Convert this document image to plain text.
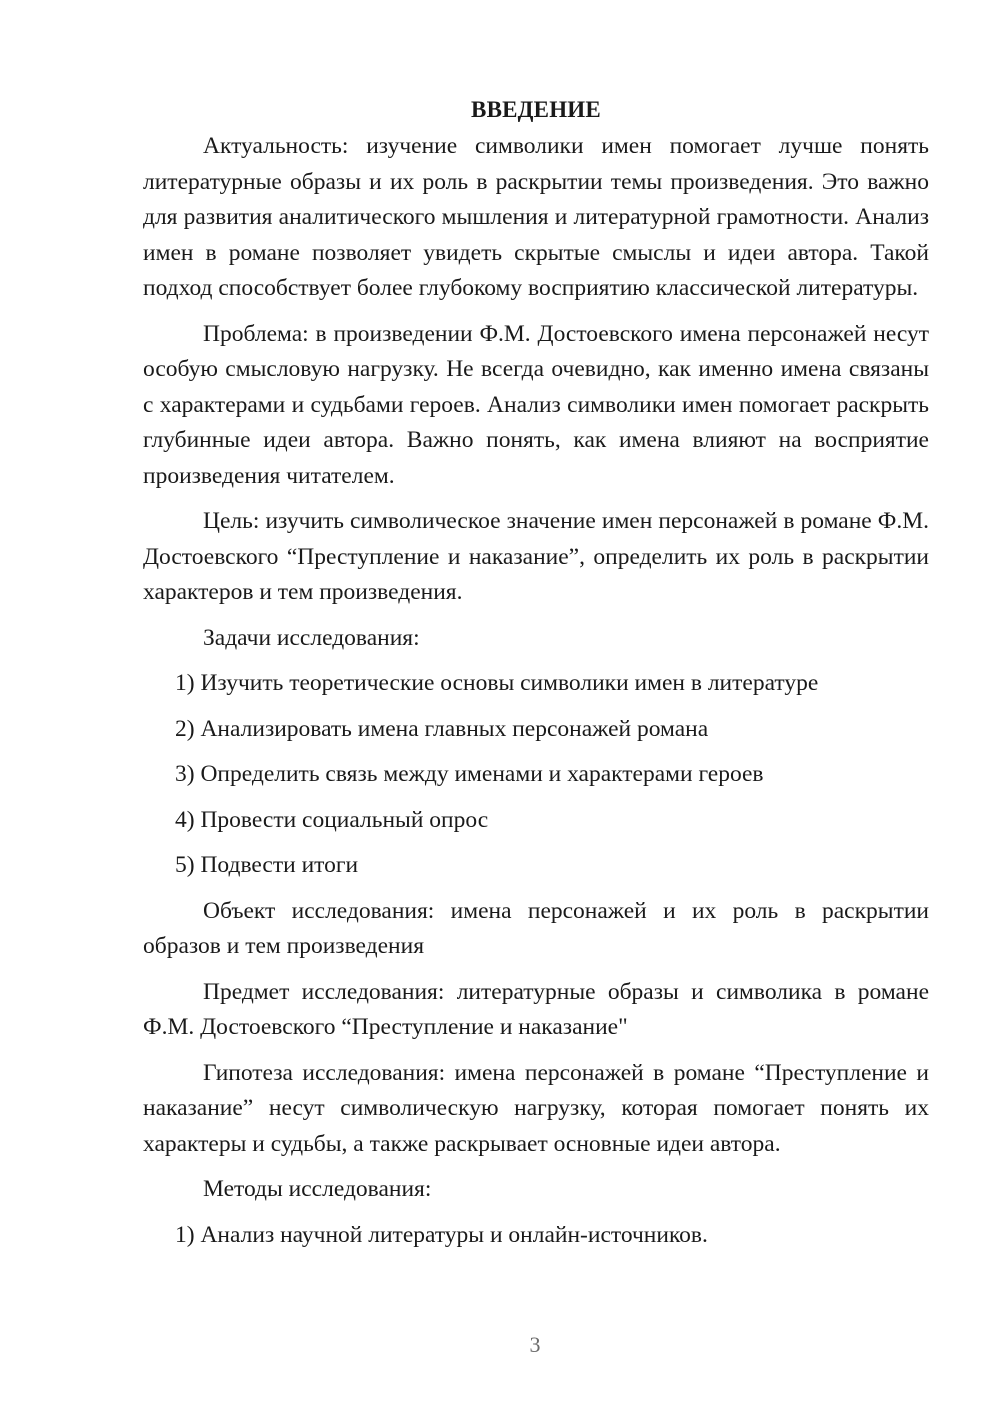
ВВЕДЕНИЕ

Актуальность: изучение символики имен помогает лучше понять литературные образы и их роль в раскрытии темы произведения. Это важно для развития аналитического мышления и литературной грамотности. Анализ имен в романе позволяет увидеть скрытые смыслы и идеи автора. Такой подход способствует более глубокому восприятию классической литературы.

Проблема: в произведении Ф.М. Достоевского имена персонажей несут особую смысловую нагрузку. Не всегда очевидно, как именно имена связаны с характерами и судьбами героев. Анализ символики имен помогает раскрыть глубинные идеи автора. Важно понять, как имена влияют на восприятие произведения читателем.

Цель: изучить символическое значение имен персонажей в романе Ф.М. Достоевского “Преступление и наказание”, определить их роль в раскрытии характеров и тем произведения.

Задачи исследования:

1) Изучить теоретические основы символики имен в литературе
2) Анализировать имена главных персонажей романа
3) Определить связь между именами и характерами героев
4) Провести социальный опрос
5) Подвести итоги

Объект исследования: имена персонажей и их роль в раскрытии образов и тем произведения

Предмет исследования: литературные образы и символика в романе Ф.М. Достоевского “Преступление и наказание"

Гипотеза исследования: имена персонажей в романе “Преступление и наказание” несут символическую нагрузку, которая помогает понять их характеры и судьбы, а также раскрывает основные идеи автора.

Методы исследования:

1) Анализ научной литературы и онлайн-источников.
3
